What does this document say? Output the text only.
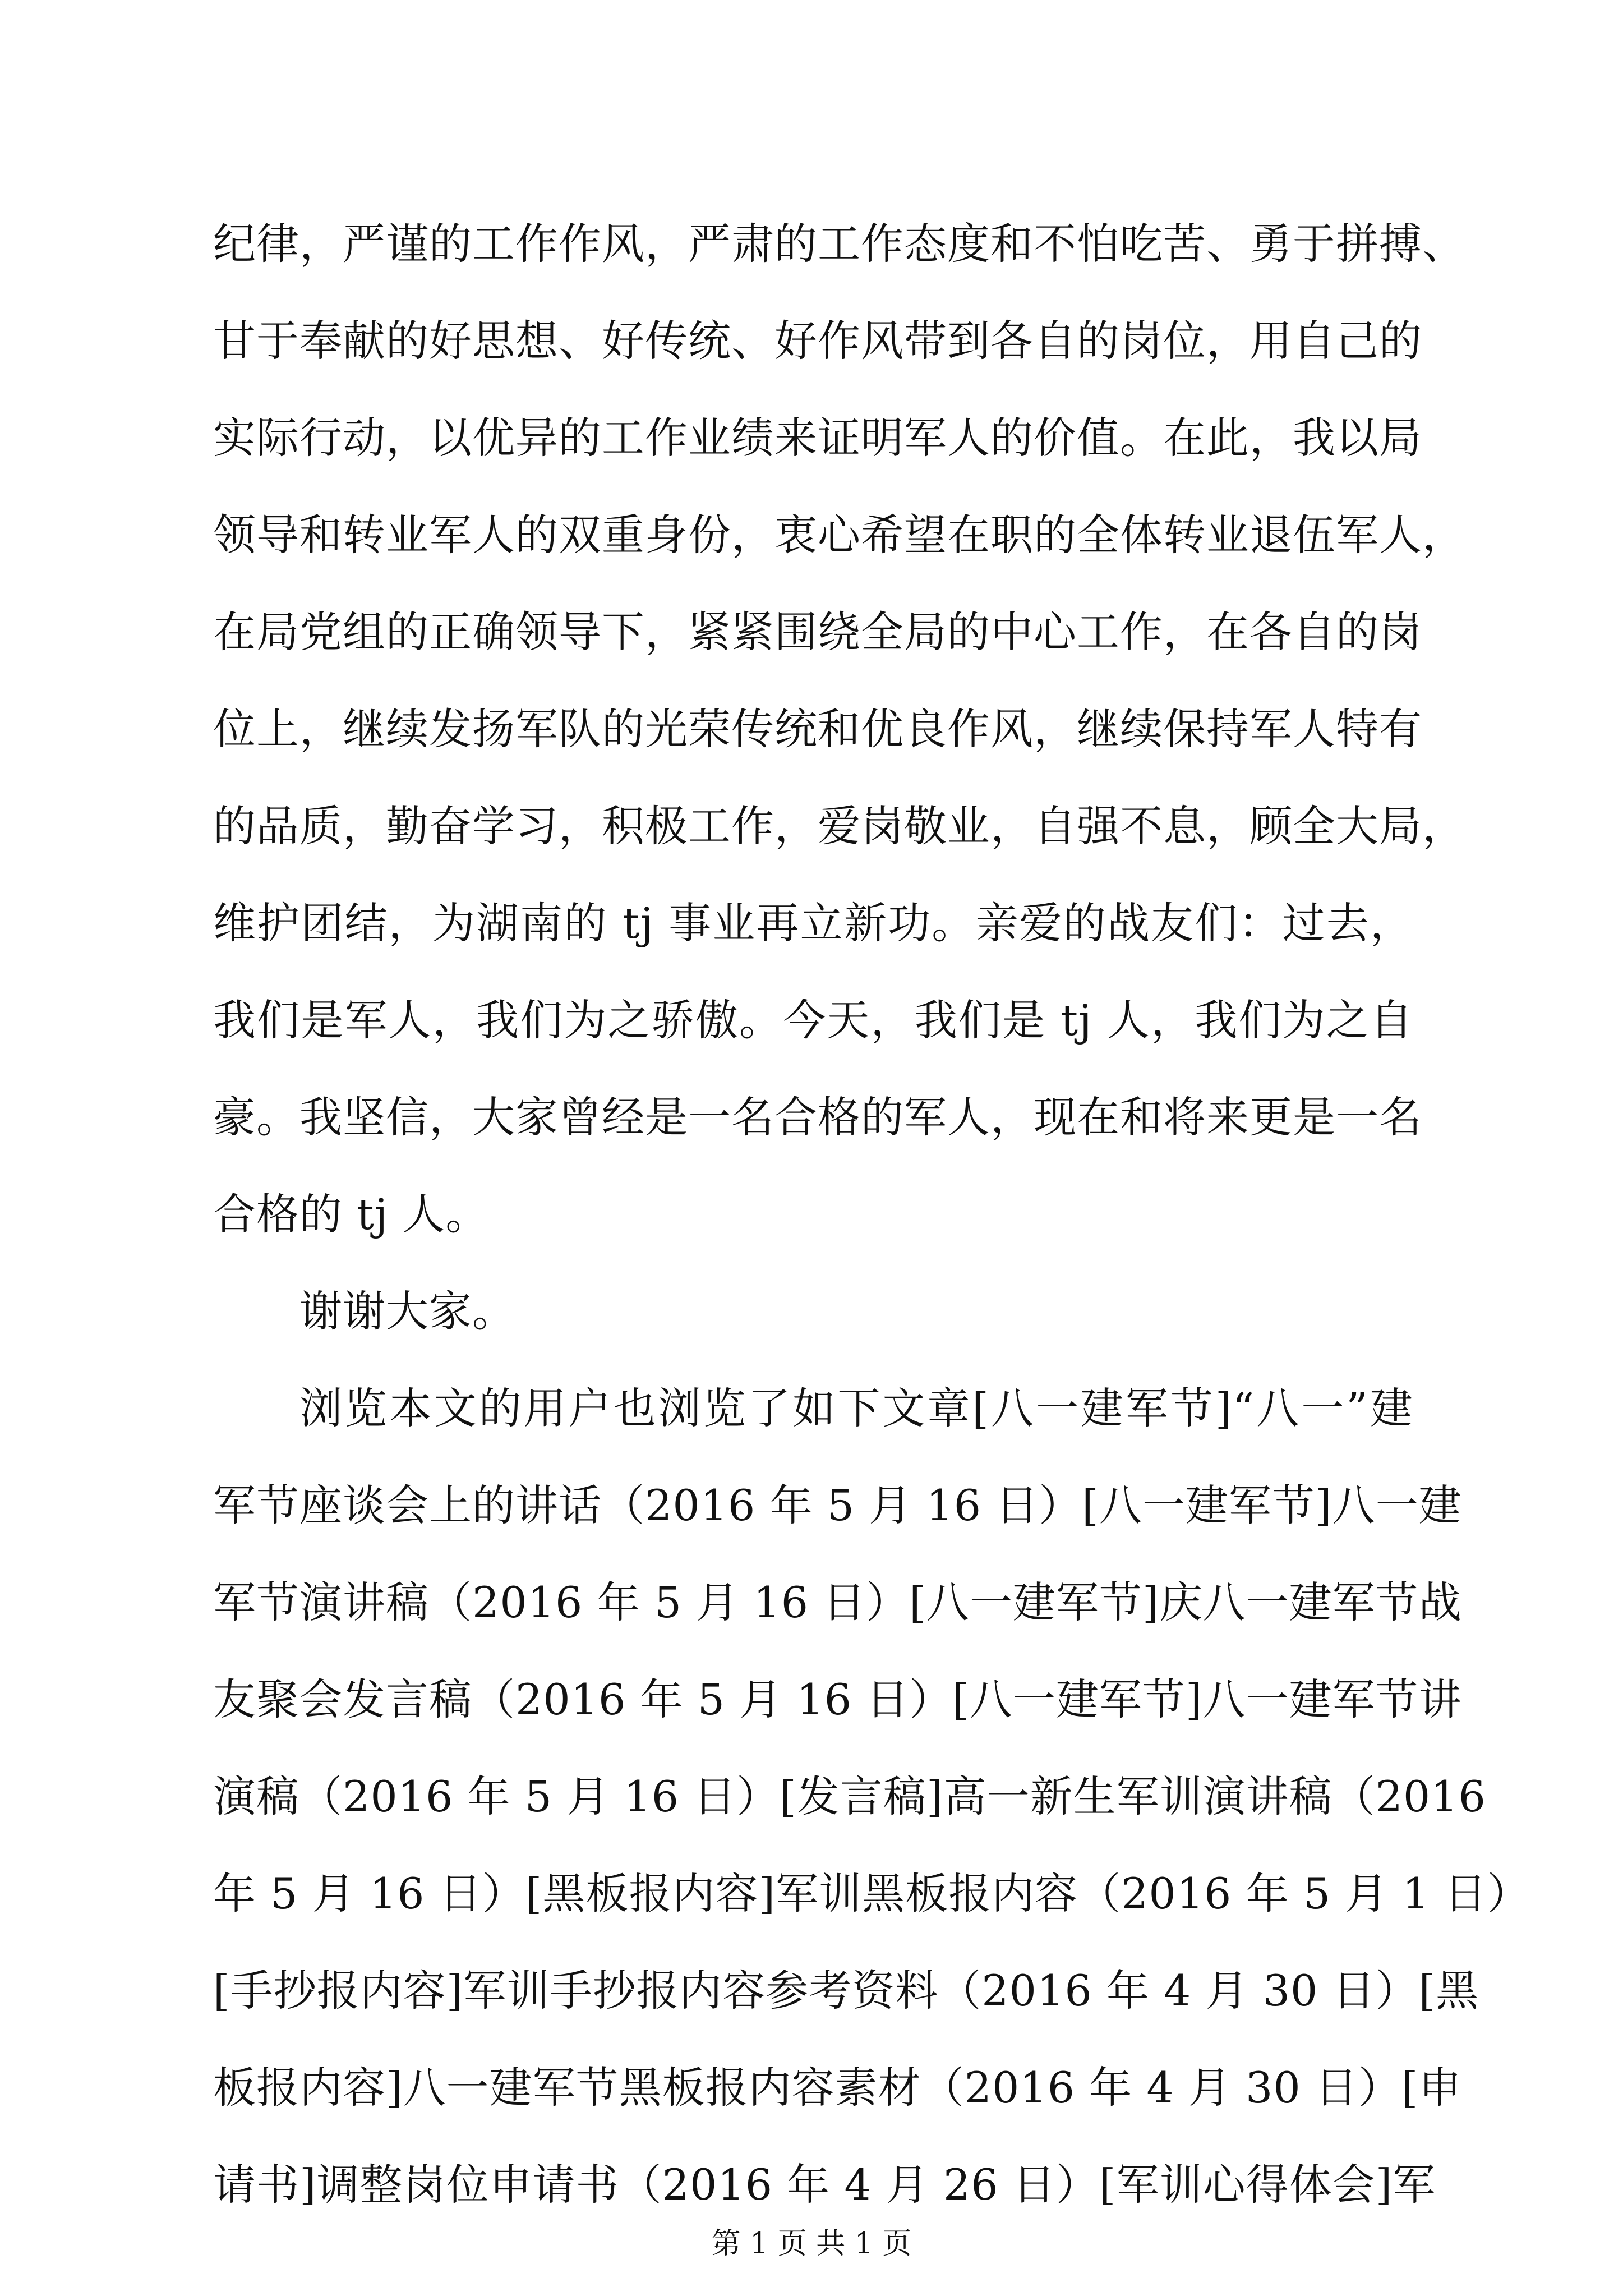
纪律，严谨的工作作风，严肃的工作态度和不怕吃苦、勇于拼搏、
甘于奉献的好思想、好传统、好作风带到各自的岗位，用自己的
实际行动，以优异的工作业绩来证明军人的价值。在此，我以局
领导和转业军人的双重身份，衷心希望在职的全体转业退伍军人，
在局党组的正确领导下，紧紧围绕全局的中心工作，在各自的岗
位上，继续发扬军队的光荣传统和优良作风，继续保持军人特有
的品质，勤奋学习，积极工作，爱岗敬业，自强不息，顾全大局，
维护团结，为湖南的 tj 事业再立新功。亲爱的战友们：过去，
我们是军人，我们为之骄傲。今天，我们是 tj 人，我们为之自
豪。我坚信，大家曾经是一名合格的军人，现在和将来更是一名
合格的 tj 人。
谢谢大家。
浏览本文的用户也浏览了如下文章[八一建军节]“八一”建
军节座谈会上的讲话（2016 年 5 月 16 日）[八一建军节]八一建
军节演讲稿（2016 年 5 月 16 日）[八一建军节]庆八一建军节战
友聚会发言稿（2016 年 5 月 16 日）[八一建军节]八一建军节讲
演稿（2016 年 5 月 16 日）[发言稿]高一新生军训演讲稿（2016
年 5 月 16 日）[黑板报内容]军训黑板报内容（2016 年 5 月 1 日）
[手抄报内容]军训手抄报内容参考资料（2016 年 4 月 30 日）[黑
板报内容]八一建军节黑板报内容素材（2016 年 4 月 30 日）[申
请书]调整岗位申请书（2016 年 4 月 26 日）[军训心得体会]军
第 1 页 共 1 页
